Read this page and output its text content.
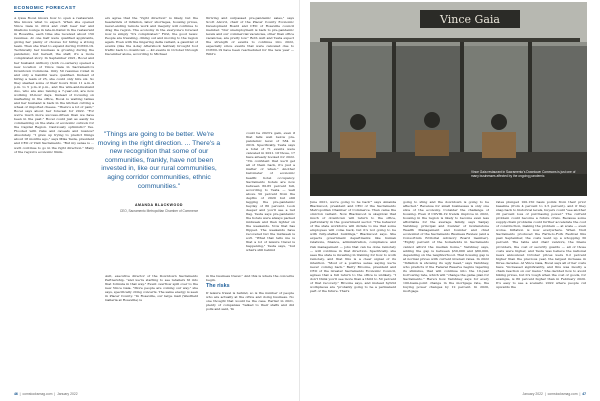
ECONOMIC FORECAST

A lyssa Bocel knows how to open a restaurant. She knows what to expect. When she opened Vince Gaia in 2014 and craft beer bar and libations lounge in late-in-Kabul in the restaurant in Roseville, each time she received about 150 resumes. At one half were qualified applicants, giving her plenty of choices for hiring a strong team. Then she tried to expand during COVID-19. Technically her business is growing during the pandemic, but herself, the staff, it's a more complicated story. In September 2021, Bocel and her husband Anthony (both co-owners) opened a new location of Vince Gaia in Sacramento's Downtown Commons. Only 50 resumes rolled in and only a handful were qualified. Instead of hiring a team of 25, she could only hire six. So they slashed some of their hours from 11 a.m.-9 p.m. to 5 p.m.-9 p.m., and the wife-and-husband duo, who are also raising a 7-year-old, are now working 16-hour days. Instead of focusing on marketing in the office, Bocel is waiting tables and her husband is back in the kitchen cutting a wheel of imported cheese. "There's a lot of pain," Bocel says about her forecast for 2022. "For we're much more success-driven than we have been in the past." Bocel could just as easily be commenting on the state of economic outlook for the Capital Region. Cautiously optimistic? Yes. Flooded with risks and caveats and nuance? Absolutely. "I grew up trying to predict things about 18 months ago," says Mike Testa, president and CEO of Visit Sacramento. "But my sense is ... we'll continue to go in the right direction." Many of the region's economic think-

ers agree that the "right direction" is likely, but the headwinds of inflation, labor shortages, housing prices, never-ending remote work and inequity will continue to drag the region. The economy in the everyone's forecast now is simply "it's complicated." First, the good news: People are traveling, dining out and moving to the region again. Even with the lingering delta variant, a gauntlet of events (like the 4-day Aftershock festival) brought foot traffic back to downtown — 40 events in October through December alone, according to Michael

"Things are going to be better. We're moving in the right direction. ... There's a new recognition that some of our communities, frankly, have not been invested in, like our rural communities, aging corridor communities, ethnic communities."
AMANDA BLACKWOOD
CEO, Sacramento Metropolitan Chamber of Commerce

Ault, executive director of the Downtown Sacramento Partnership, "and we're starting to see retailers fit into that formula in that way." Event overflow spill over to the new Vince Gaia. "More people are coming our way," she says, specifically citing concerts. The same energy is seen in Placer County. "In Roseville, our large mall (Westfield Galleria at Roseville) is

thriving and surpassed pre-pandemic sales," says Scott Alvord, chair of the Placer County Economic Development Board and CEO of Roseville council member. "Our unemployment is back to pre-pandemic levels and our commercial vacancies, other than office vacancies, are pretty low." Both Ault and Testa expect the strength of events to continue into 2022, especially since events that were canceled due to COVID-19 have been rescheduled for the new year — Wild's

in the business travel." And this is where the concerns begin.

The risks

If leisure travel is behind, so is the number of people who are actually at the office and doing business. No one thought that would be the case. Earlier in 2021, plenty of companies "talked to their staffs and did polls and said, 'In

Vince Gaia
Vince Gaia restaurant in Sacramento's Downtown Commons is just one of many businesses affected by the ongoing pandemic.

June 2021, we're going to be back'" says Amanda Blackwood, president and CEO of the Sacramento Metropolitan Chamber of Commerce. Then came the omicron variant. Now Blackwood is skeptical that much of downtown will return to the office, particularly in the government sector. "The behavior of the state workforce will dictate to me that some employees will come back, but it's not going to be with fully-staffed buildings," Blackwood says. She expects government departments like human relations, finance, administration, compliance and risk management — jobs that can be done remotely — will continue in that direction. Specifically, she sees the state is investing in training for how to work remotely, and that this is a clear signal of its intention. "Most of a positive sense saying we're never coming back." Barry Broome, president and CEO of the Greater Sacramento Economic Council, agrees that a full return to the office is unlikely. "I don't think you'll see more than a third to 50 percent of that recovery," Broome says, and instead hybrid workplaces are "probably going to be a permanent part of the future. That's

going to sting and the downtown is going to be affected." Revenue for small businesses is only one slice of the economy. Consider the challenge of housing. Even if COVID-19 trends improve in 2022, housing in the region is likely to become even less affordable for the average family, says Sanjay Varshney, principal and founder of Goldenstone Wealth Management and founder and chief economist of the Sacramento Business Review (and a Consortium Editorial Advisory Board member). "Eighty percent of the homeholds in Sacramento cannot afford the median home," Varshney says, adding the gap is between $50,000 and $60,000, depending on the neighborhood. That housing gap is at normal prices with current interest rates. In 2022 "Inflation is showing its ugly head," says Varshney, who predicts if the Federal Reserve begins tapering its stimulus, that will continue into the 10-year borrowing rate, which will "change the game plan for Sacramento." Here's how Varshney says for every 100-basis-point change in the mortgage rate, the buying power changes by 12 percent. In 2020, mortgage

rates plunged 100-150 basis points from their prior baseline (from 4 percent to 2.5 percent), and if they snap back to historical levels, buyers could "see another 20 percent loss of purchasing power." The current problem could become a future crisis. Because some supply-chain problems could further accelerate the cost of construction, making the problem — at scale — even worse. Inflation is now everywhere. When Visit Sacramento produced the Farm-to-Fork Festival this past September, the costs went up a whopping 30 percent. The table and chair vendors, the linens providers, the cost of security guards — all of those costs were higher, and Testa was believe the national news announced October prices were 6.2 percent higher than the previous year, the largest increase in three decades. At Vince Gaia, Bocel says all of her costs have "increased significantly, and this was mostly a chain reaction on our menu." She decided how to avoid hiking prices, but it's tough when the cost of goods, for example, is 80 percent higher than in February 2020. It's easy to see a scenario 2022 where people cut upwards the

could be 2023's gain, even if that falls well below pre-pandemic level of 584 in 2019. Specifically, Testa says a total of 71 events were canceled in 2021. Of those, 17 have already booked for 2022. "I'm confident that we'll get all of them back, it's just a matter of when." Another barometer of economic health: hotel occupancy. Sacramento hotels are now between 60-65 percent full, according to Testa — well above 50 percent from the depths of 2020 but still lagging the pre-pandemic heyday of 80 percent. Look deeper and you'll see a red flag. Testa says pre-pandemic the hotels were always packed midweek and then lighter on the weekends. Now that has flipped. The weekends have recovered but the midweek is soft. "What that tells me is that a lot of leisure travel is happening," Testa says, "but what's still behind

46  |  comstocksmag.com  |  January 2022	January 2022  |  comstocksmag.com  |  47
